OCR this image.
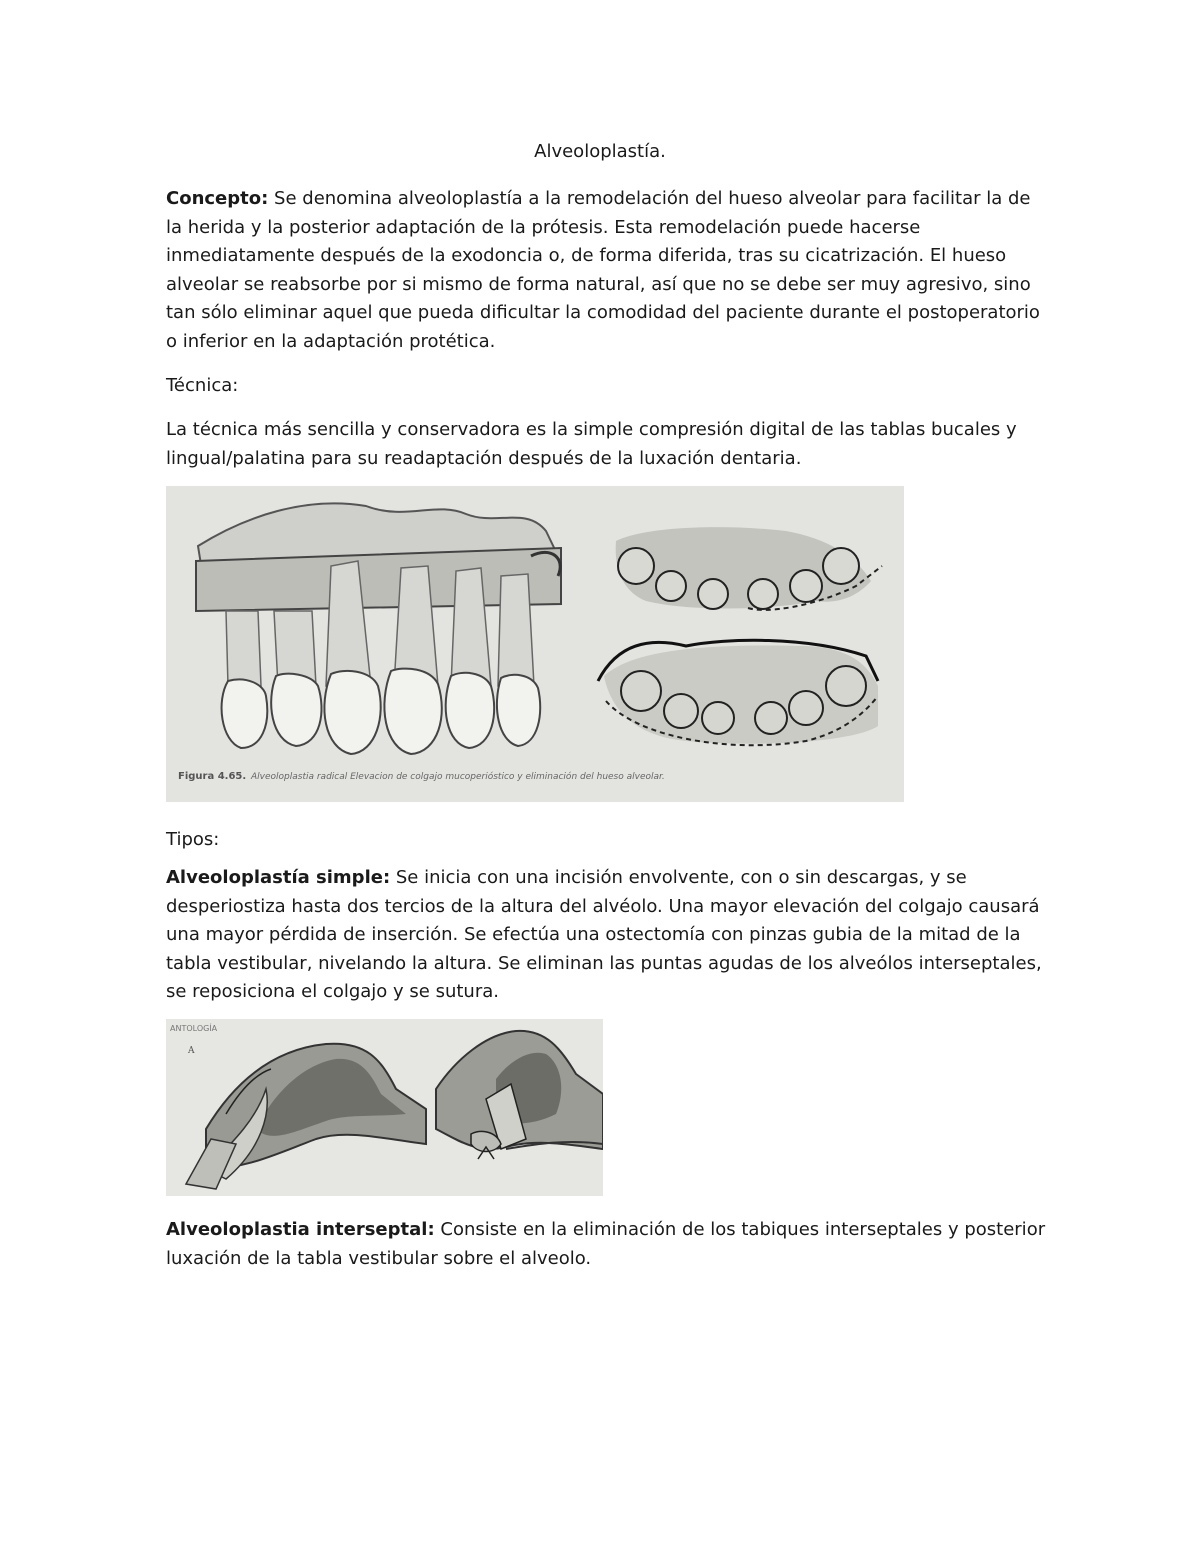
Alveoloplastía.

Concepto: Se denomina alveoloplastía a la remodelación del hueso alveolar para facilitar la de la herida y la posterior adaptación de la prótesis. Esta remodelación puede hacerse inmediatamente después de la exodoncia o, de forma diferida, tras su cicatrización. El hueso alveolar se reabsorbe por si mismo de forma natural, así que no se debe ser muy agresivo, sino tan sólo eliminar aquel que pueda dificultar la comodidad del paciente durante el postoperatorio o inferior en la adaptación protética.

Técnica:

La técnica más sencilla y conservadora es la simple compresión digital de las tablas bucales y lingual/palatina para su readaptación después de la luxación dentaria.

Figura 4.65. Alveoloplastia radical Elevacion de colgajo mucoperióstico y eliminación del hueso alveolar.

Tipos:

Alveoloplastía simple: Se inicia con una incisión envolvente, con o sin descargas, y se desperiostiza hasta dos tercios de la altura del alvéolo. Una mayor elevación del colgajo causará una mayor pérdida de inserción. Se efectúa una ostectomía con pinzas gubia de la mitad de la tabla vestibular, nivelando la altura. Se eliminan las puntas agudas de los alveólos interseptales, se reposiciona el colgajo y se sutura.

ANTOLOGÍA
A

Alveoloplastia interseptal: Consiste en la eliminación de los tabiques interseptales y posterior luxación de la tabla vestibular sobre el alveolo.
